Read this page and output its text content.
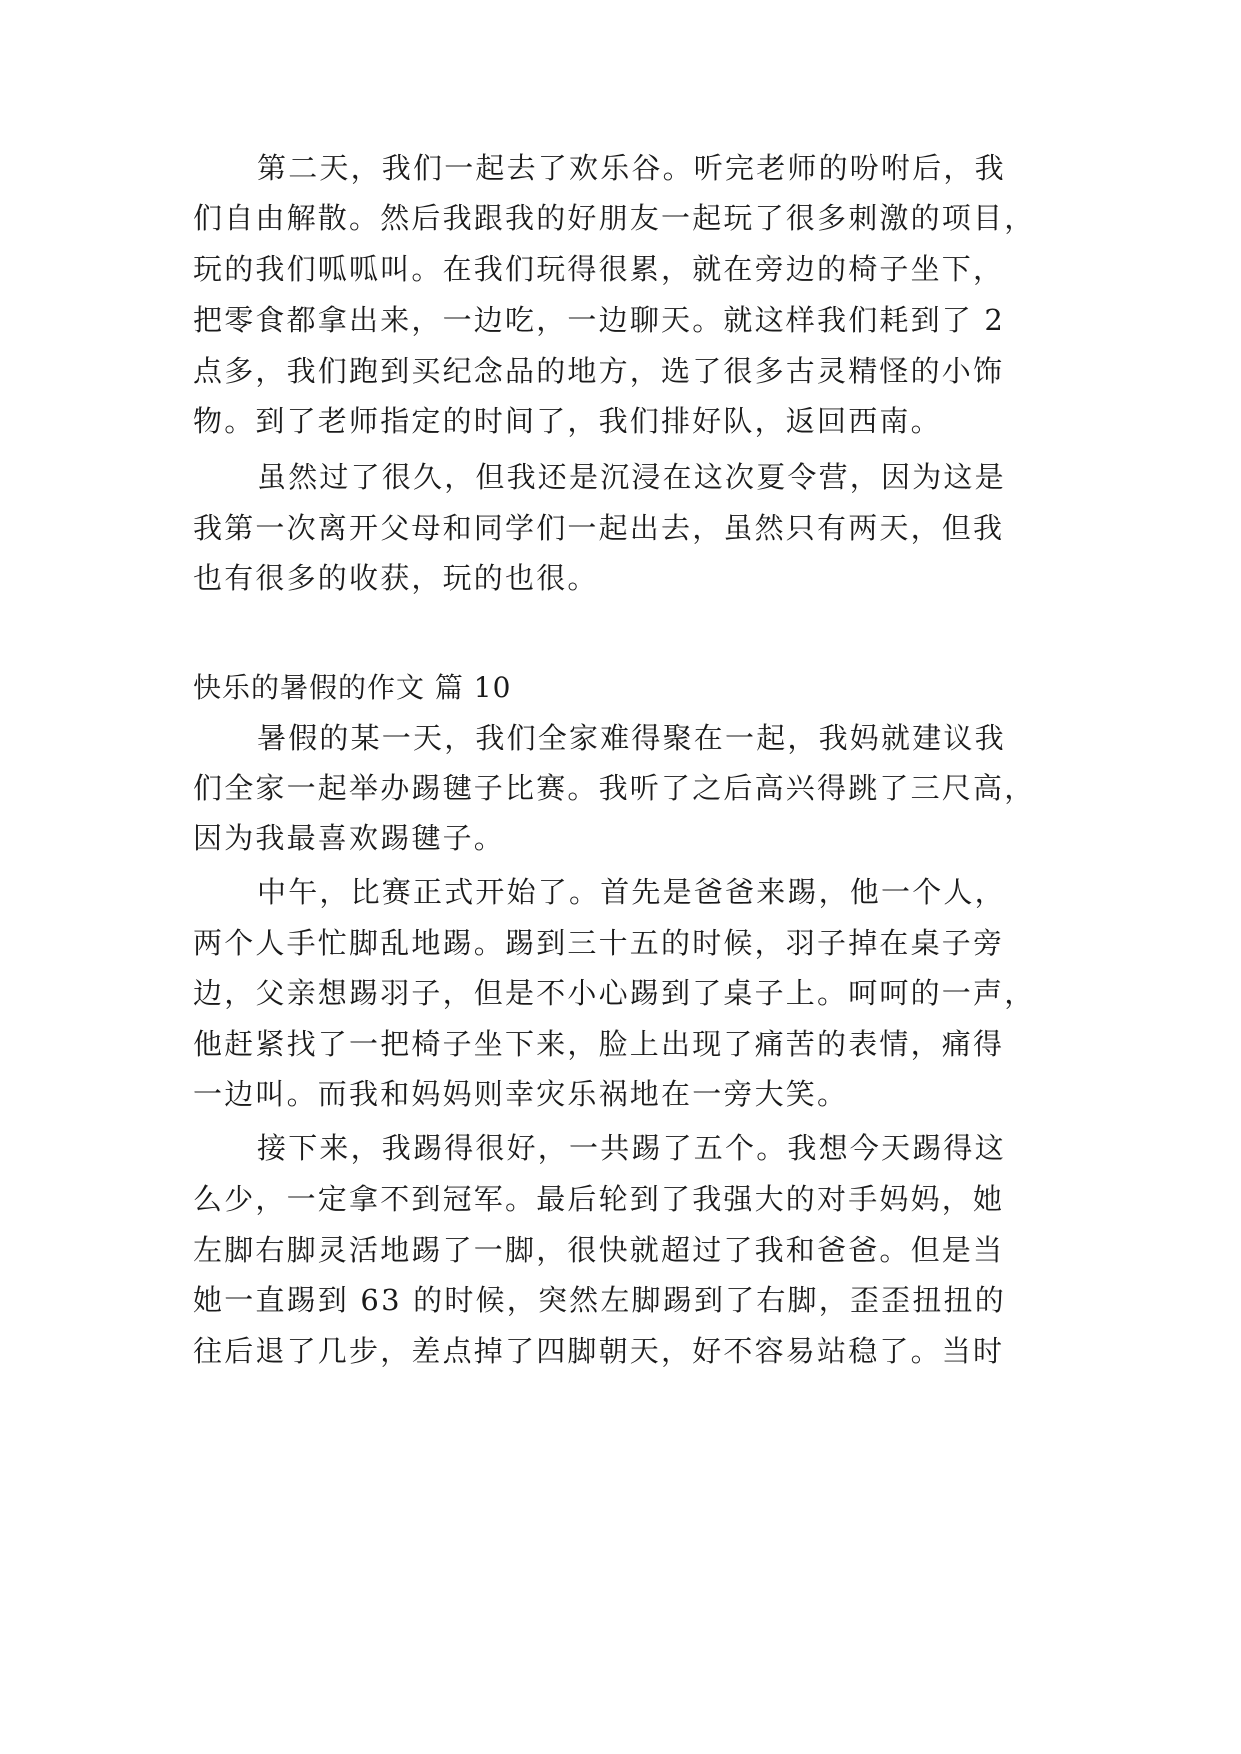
第二天，我们一起去了欢乐谷。听完老师的吩咐后，我
们自由解散。然后我跟我的好朋友一起玩了很多刺激的项目，
玩的我们呱呱叫。在我们玩得很累，就在旁边的椅子坐下，
把零食都拿出来，一边吃，一边聊天。就这样我们耗到了 2
点多，我们跑到买纪念品的地方，选了很多古灵精怪的小饰
物。到了老师指定的时间了，我们排好队，返回西南。
虽然过了很久，但我还是沉浸在这次夏令营，因为这是
我第一次离开父母和同学们一起出去，虽然只有两天，但我
也有很多的收获，玩的也很。
快乐的暑假的作文 篇 10
暑假的某一天，我们全家难得聚在一起，我妈就建议我
们全家一起举办踢毽子比赛。我听了之后高兴得跳了三尺高，
因为我最喜欢踢毽子。
中午，比赛正式开始了。首先是爸爸来踢，他一个人，
两个人手忙脚乱地踢。踢到三十五的时候，羽子掉在桌子旁
边，父亲想踢羽子，但是不小心踢到了桌子上。呵呵的一声，
他赶紧找了一把椅子坐下来，脸上出现了痛苦的表情，痛得
一边叫。而我和妈妈则幸灾乐祸地在一旁大笑。
接下来，我踢得很好，一共踢了五个。我想今天踢得这
么少，一定拿不到冠军。最后轮到了我强大的对手妈妈，她
左脚右脚灵活地踢了一脚，很快就超过了我和爸爸。但是当
她一直踢到 63 的时候，突然左脚踢到了右脚，歪歪扭扭的
往后退了几步，差点掉了四脚朝天，好不容易站稳了。当时
